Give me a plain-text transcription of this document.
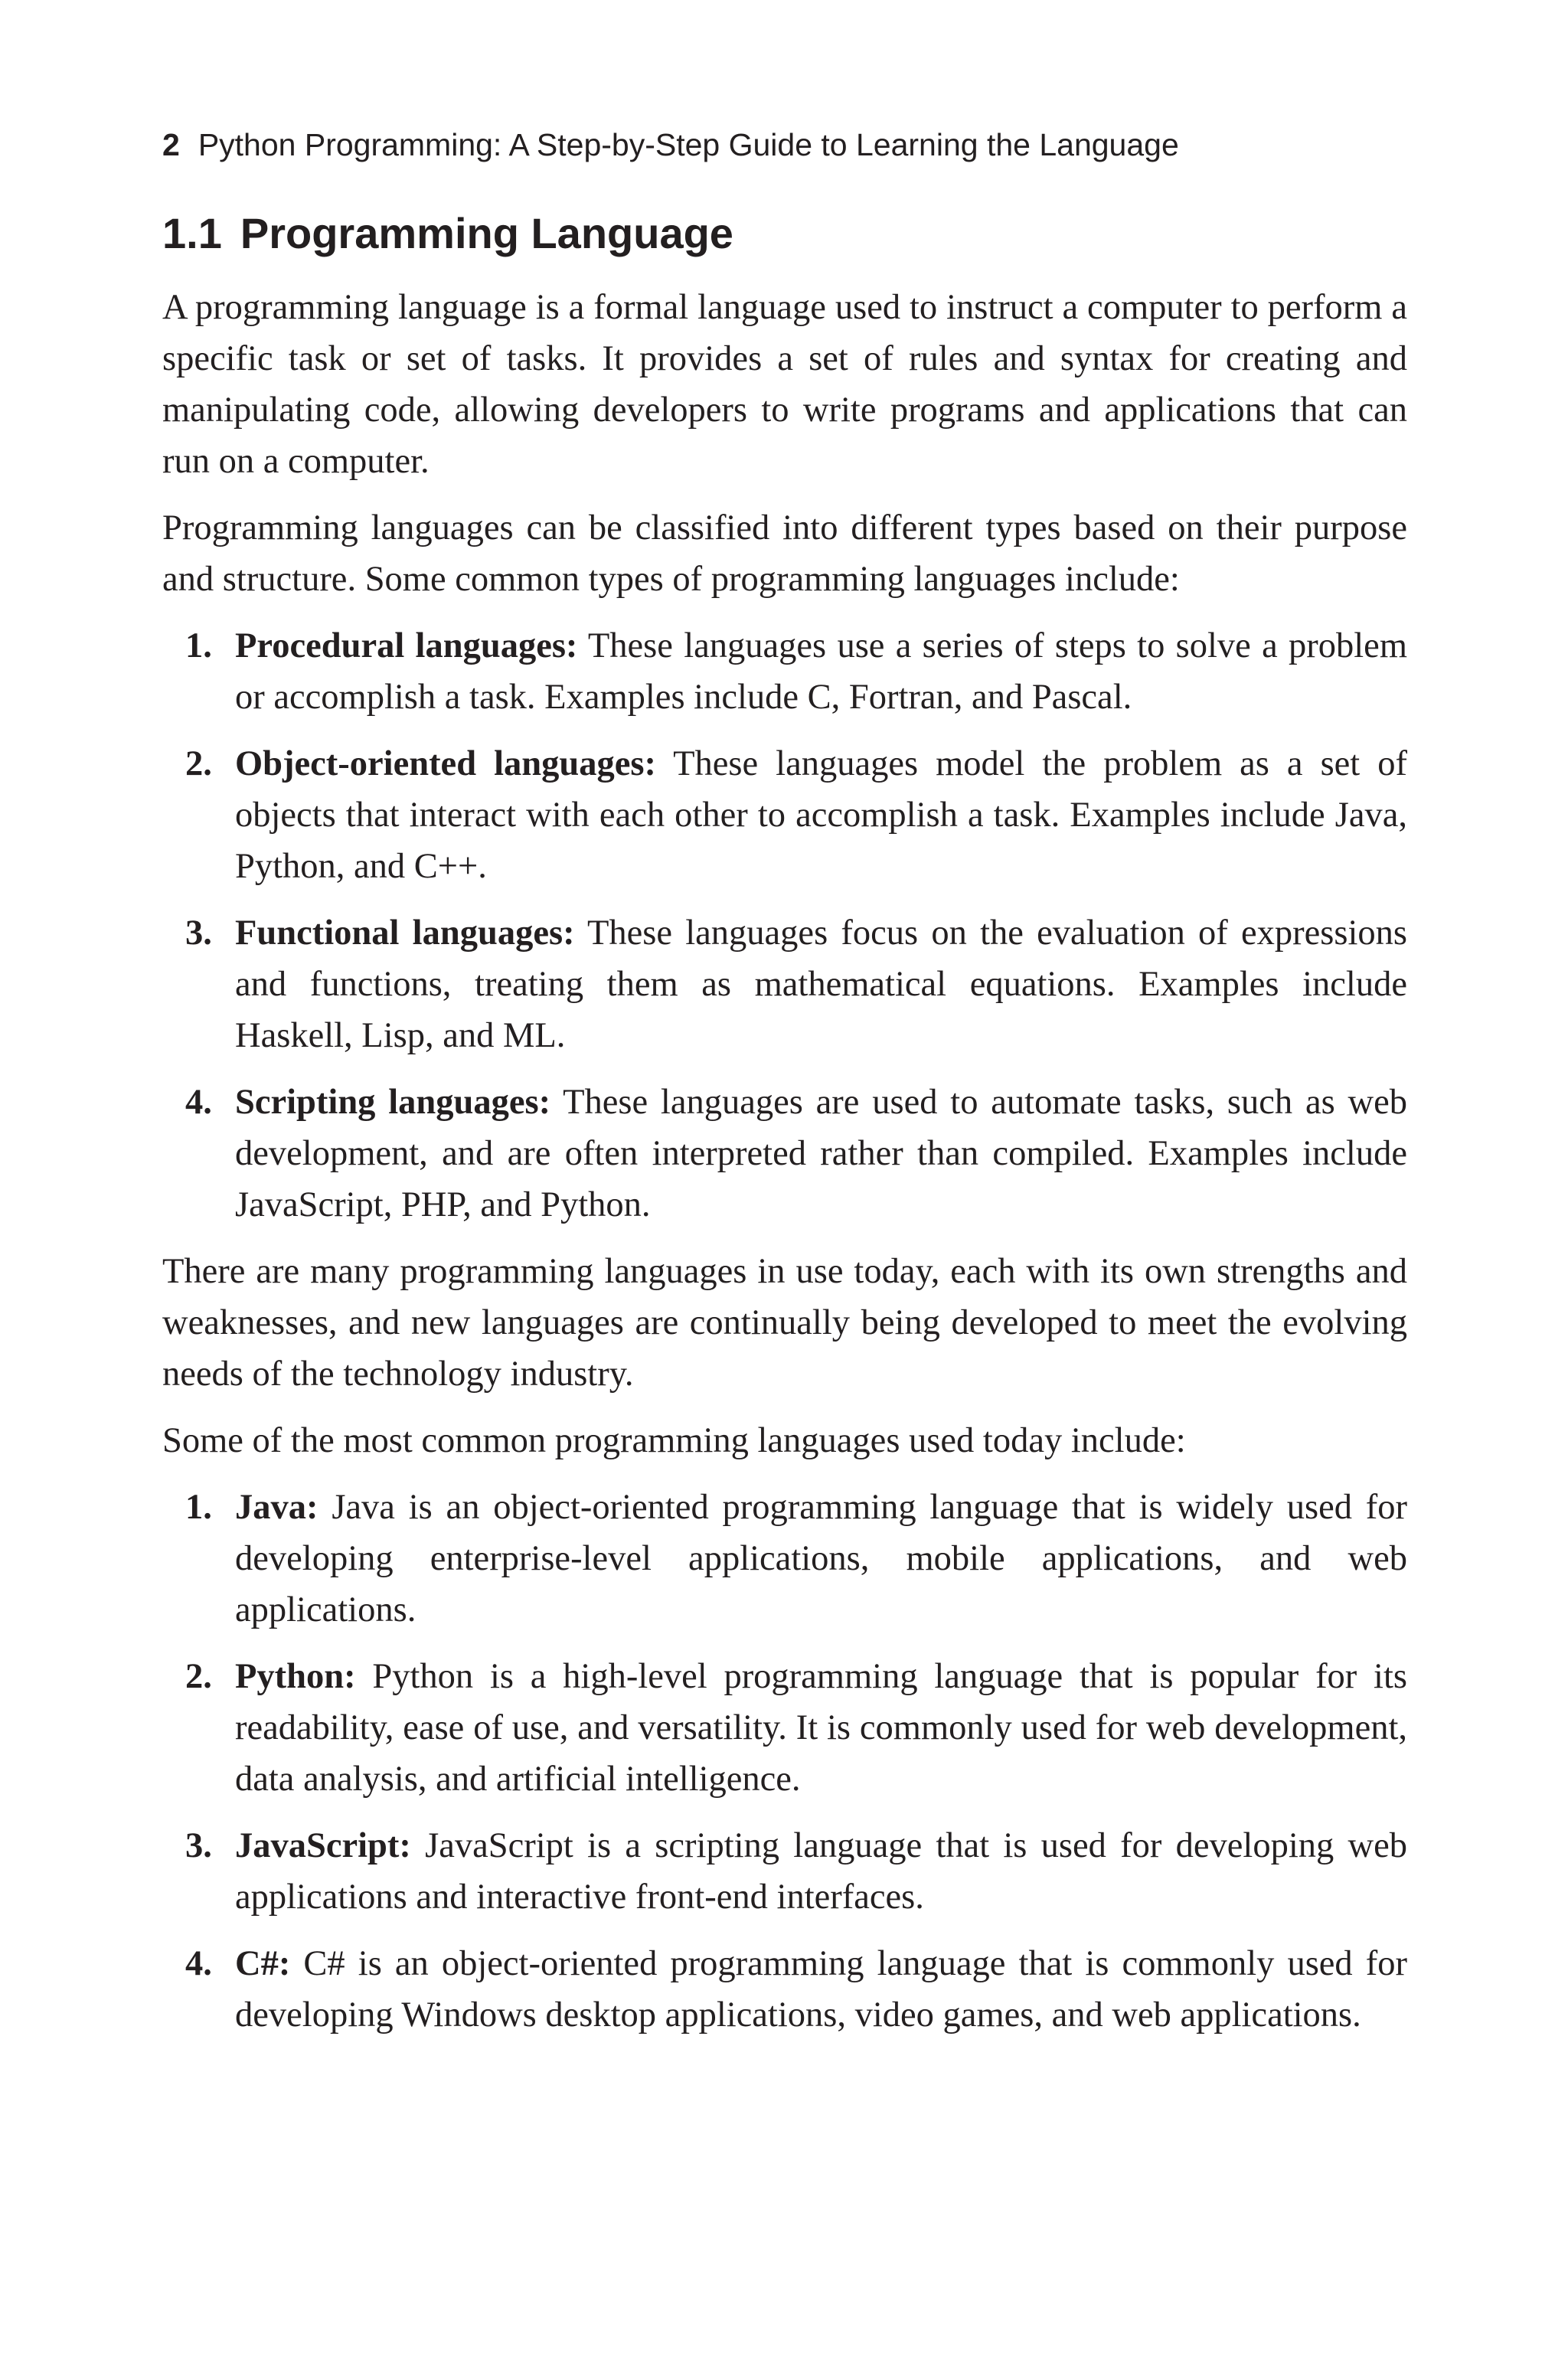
2 Python Programming: A Step-by-Step Guide to Learning the Language
1.1 Programming Language

A programming language is a formal language used to instruct a computer to perform a specific task or set of tasks. It provides a set of rules and syntax for creating and manipulating code, allowing developers to write programs and applications that can run on a computer.

Programming languages can be classified into different types based on their purpose and structure. Some common types of programming languages include:

1. Procedural languages: These languages use a series of steps to solve a problem or accomplish a task. Examples include C, Fortran, and Pascal.
2. Object-oriented languages: These languages model the problem as a set of objects that interact with each other to accomplish a task. Examples include Java, Python, and C++.
3. Functional languages: These languages focus on the evaluation of expressions and functions, treating them as mathematical equations. Examples include Haskell, Lisp, and ML.
4. Scripting languages: These languages are used to automate tasks, such as web development, and are often interpreted rather than compiled. Examples include JavaScript, PHP, and Python.

There are many programming languages in use today, each with its own strengths and weaknesses, and new languages are continually being developed to meet the evolving needs of the technology industry.

Some of the most common programming languages used today include:

1. Java: Java is an object-oriented programming language that is widely used for developing enterprise-level applications, mobile applications, and web applications.
2. Python: Python is a high-level programming language that is popular for its readability, ease of use, and versatility. It is commonly used for web development, data analysis, and artificial intelligence.
3. JavaScript: JavaScript is a scripting language that is used for developing web applications and interactive front-end interfaces.
4. C#: C# is an object-oriented programming language that is commonly used for developing Windows desktop applications, video games, and web applications.
